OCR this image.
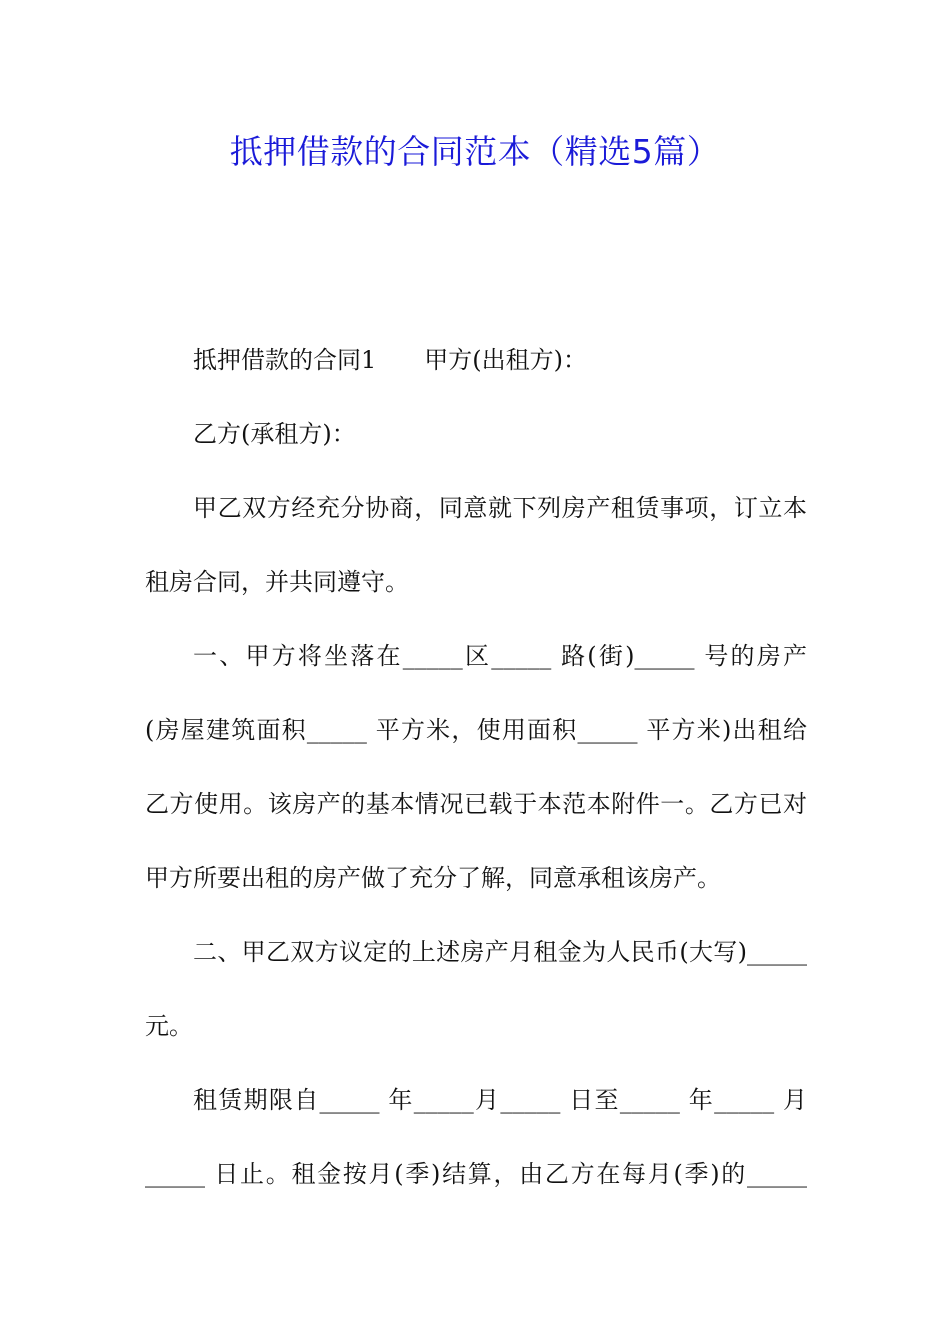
抵押借款的合同范本（精选5篇）
抵押借款的合同1　　甲方(出租方)：
乙方(承租方)：
甲乙双方经充分协商，同意就下列房产租赁事项，订立本
租房合同，并共同遵守。
一、甲方将坐落在_____区_____ 路(街)_____ 号的房产
(房屋建筑面积_____ 平方米，使用面积_____ 平方米)出租给
乙方使用。该房产的基本情况已载于本范本附件一。乙方已对
甲方所要出租的房产做了充分了解，同意承租该房产。
二、甲乙双方议定的上述房产月租金为人民币(大写)_____
元。
租赁期限自_____ 年_____月_____ 日至_____ 年_____ 月
_____ 日止。租金按月(季)结算，由乙方在每月(季)的_____
